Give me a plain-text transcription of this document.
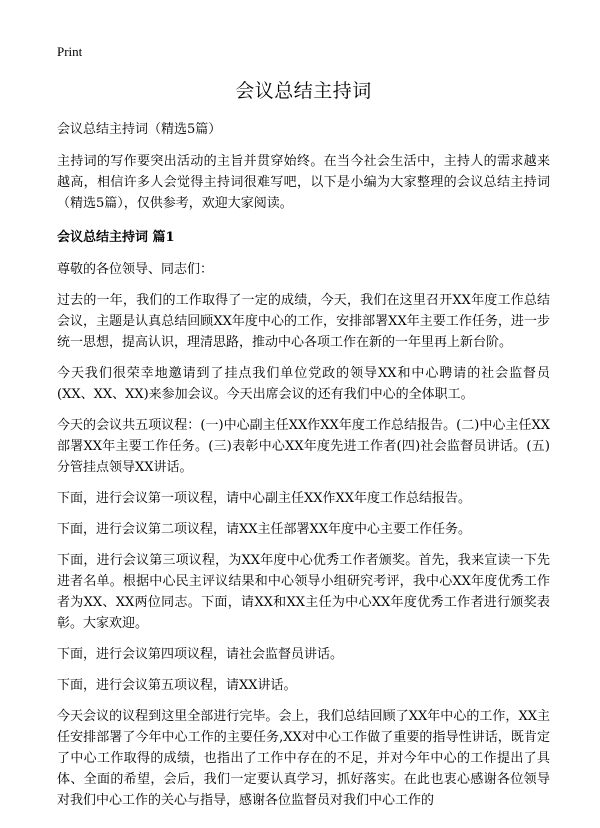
Print
会议总结主持词
会议总结主持词（精选5篇）

主持词的写作要突出活动的主旨并贯穿始终。在当今社会生活中，主持人的需求越来越高，相信许多人会觉得主持词很难写吧，以下是小编为大家整理的会议总结主持词（精选5篇），仅供参考，欢迎大家阅读。

会议总结主持词 篇1

尊敬的各位领导、同志们：

过去的一年，我们的工作取得了一定的成绩，今天，我们在这里召开XX年度工作总结会议，主题是认真总结回顾XX年度中心的工作，安排部署XX年主要工作任务，进一步统一思想，提高认识，理清思路，推动中心各项工作在新的一年里再上新台阶。

今天我们很荣幸地邀请到了挂点我们单位党政的领导XX和中心聘请的社会监督员(XX、XX、XX)来参加会议。今天出席会议的还有我们中心的全体职工。

今天的会议共五项议程：(一)中心副主任XX作XX年度工作总结报告。(二)中心主任XX部署XX年主要工作任务。(三)表彰中心XX年度先进工作者(四)社会监督员讲话。(五)分管挂点领导XX讲话。

下面，进行会议第一项议程，请中心副主任XX作XX年度工作总结报告。

下面，进行会议第二项议程，请XX主任部署XX年度中心主要工作任务。

下面，进行会议第三项议程，为XX年度中心优秀工作者颁奖。首先，我来宣读一下先进者名单。根据中心民主评议结果和中心领导小组研究考评，我中心XX年度优秀工作者为XX、XX两位同志。下面，请XX和XX主任为中心XX年度优秀工作者进行颁奖表彰。大家欢迎。

下面，进行会议第四项议程，请社会监督员讲话。

下面，进行会议第五项议程，请XX讲话。

今天会议的议程到这里全部进行完毕。会上，我们总结回顾了XX年中心的工作，XX主任安排部署了今年中心工作的主要任务,XX对中心工作做了重要的指导性讲话，既肯定了中心工作取得的成绩，也指出了工作中存在的不足，并对今年中心的工作提出了具体、全面的希望，会后，我们一定要认真学习，抓好落实。在此也衷心感谢各位领导对我们中心工作的关心与指导，感谢各位监督员对我们中心工作的
